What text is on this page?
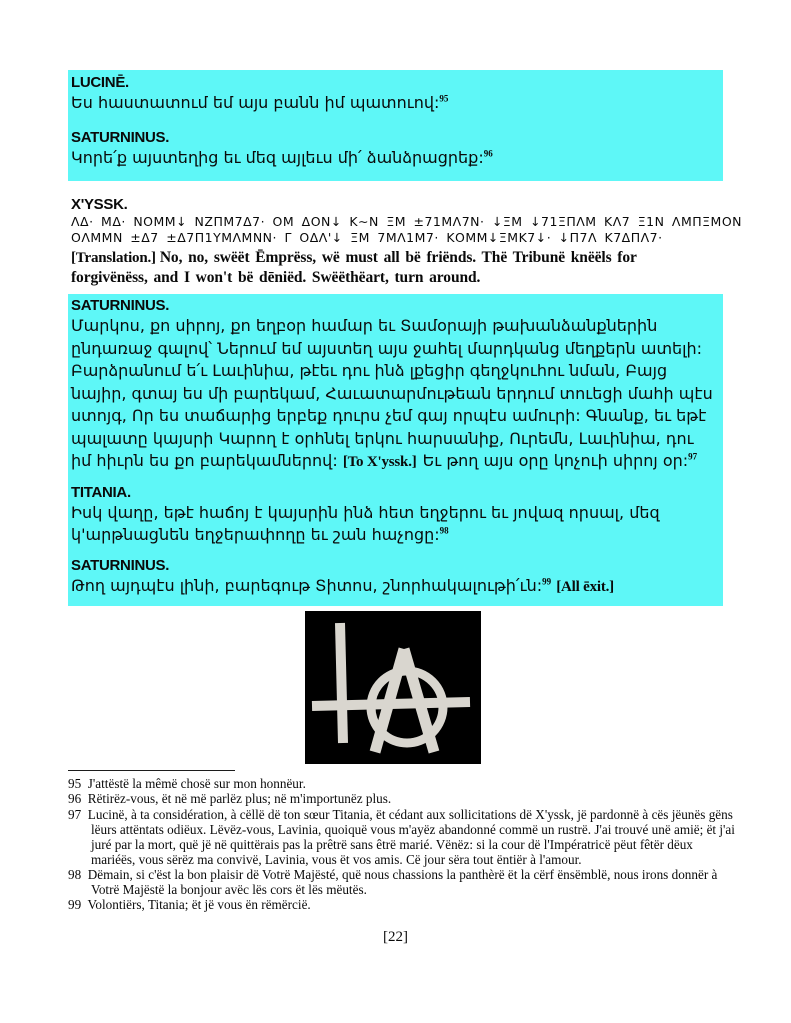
LUCINĒ.

Ես հաստատում եմ այս բանն իմ պատուով:$^{95}$

SATURNINUS.

Կորե՛ք այստեղից եւ մեզ այլեւս մի՛ ձանձրացրեք:$^{96}$

X'YSSK.

ΛΔ· ΜΔ· ΝΟΜΜ↓ ΝΖΠΜ7Δ7· ΟΜ ΔΟΝ↓ Κ∼Ν ΞΜ ±71ΜΛ7Ν· ↓ΞΜ ↓71ΞΠΛΜ ΚΛ7 Ξ1Ν ΛΜΠΞΜΟΝ

ΟΛΜΜΝ ±Δ7 ±Δ7Π1ΥΜΛΜΝΝ· Γ ΟΔΛ'↓ ΞΜ 7ΜΛ1Μ7· ΚΟΜΜ↓ΞΜΚ7↓· ↓Π7Λ Κ7ΔΠΛ7·

[Translation.] No, no, swëët Ēmprëss, wë must all bë friënds. Thë Tribunë knëëls for forgivënëss, and I won't bë dēniëd. Swëëthëart, turn around.

SATURNINUS.

Մարկոս, քո սիրոյ, քո եղբօր համար եւ Տամօրայի թախանձանքներին ընդառաջ գալով՝ Ներում եմ այստեղ այս ջահել մարդկանց մեղքերն ատելի: Բարձրանում ե՛ւ Լաւինիա, թէեւ դու ինձ լքեցիր գեղջկուհու նման, Բայց նայիր, գտայ ես մի բարեկամ, Հաւատարմութեան երդում տուեցի մահի պէս ստոյգ, Որ ես տաճարից երբեք դուրս չեմ գայ որպէս ամուրի: Գնանք, եւ եթէ պալատը կայսրի Կարող է օրհնել երկու հարսանիք, Ուրեմն, Լաւինիա, դու իմ հիւրն ես քո բարեկամներով: [To X'yssk.] Եւ թող այս օրը կոչուի սիրոյ օր:$^{97}$

TITANIA.

Իսկ վաղը, եթէ հաճոյ է կայսրին ինձ հետ եղջերու եւ յովազ որսալ, մեզ կ'արթնացնեն եղջերափողը եւ շան հաչոցը:$^{98}$

SATURNINUS.

Թող այդպէս լինի, բարեգութ Տիտոս, շնորհակալութի՛ւն:$^{99}$ [All ēxit.]

95 J'attëstë la mêmë chosë sur mon honnëur.
96 Rëtirëz-vous, ët në më parlëz plus; në m'importunëz plus.
97 Lucinë, à ta considération, à cëllë dë ton sœur Titania, ët cédant aux sollicitations dë X'yssk, jë pardonnë à cës jëunës gëns lëurs attëntats odiëux. Lëvëz-vous, Lavinia, quoiquë vous m'ayëz abandonné commë un rustrë. J'ai trouvé unë amië; ët j'ai juré par la mort, quë jë në quittërais pas la prêtrë sans êtrë marié. Vënëz: si la cour dë l'Impératricë pëut fêtër dëux mariéës, vous sërëz ma convivë, Lavinia, vous ët vos amis. Cë jour sëra tout ëntiër à l'amour.
98 Dëmain, si c'ëst la bon plaisir dë Votrë Majësté, quë nous chassions la panthèrë ët la cërf ënsëmblë, nous irons donnër à Votrë Majëstë la bonjour avëc lës cors ët lës mëutës.
99 Volontiërs, Titania; ët jë vous ën rëmërcië.
[22]
